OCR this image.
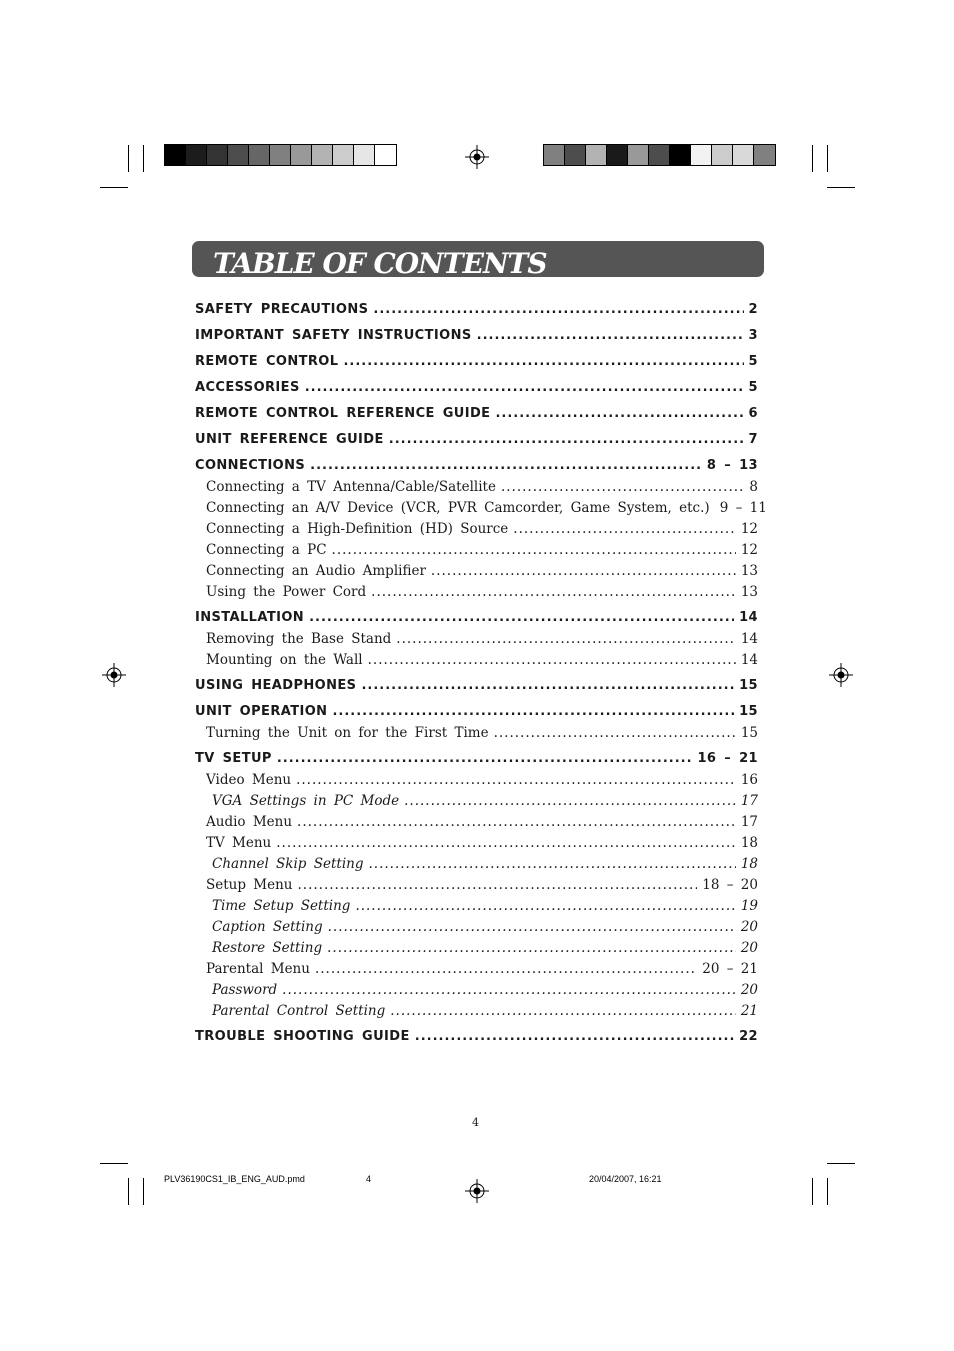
TABLE OF CONTENTS
SAFETY PRECAUTIONS .....	2
IMPORTANT SAFETY INSTRUCTIONS .....	3
REMOTE CONTROL .....	5
ACCESSORIES .....	5
REMOTE CONTROL REFERENCE GUIDE .....	6
UNIT REFERENCE GUIDE .....	7
CONNECTIONS .....	8 – 13
Connecting a TV Antenna/Cable/Satellite .....	8
Connecting an A/V Device (VCR, PVR Camcorder, Game System, etc.) 9 – 11
Connecting a High-Definition (HD) Source .....	12
Connecting a PC .....	12
Connecting an Audio Amplifier .....	13
Using the Power Cord .....	13
INSTALLATION .....	14
Removing the Base Stand .....	14
Mounting on the Wall .....	14
USING HEADPHONES .....	15
UNIT OPERATION .....	15
Turning the Unit on for the First Time .....	15
TV SETUP .....	16 – 21
Video Menu .....	16
VGA Settings in PC Mode .....	17
Audio Menu .....	17
TV Menu .....	18
Channel Skip Setting .....	18
Setup Menu .....	18 – 20
Time Setup Setting .....	19
Caption Setting .....	20
Restore Setting .....	20
Parental Menu .....	20 – 21
Password .....	20
Parental Control Setting .....	21
TROUBLE SHOOTING GUIDE .....	22
4
PLV36190CS1_IB_ENG_AUD.pmd	4	20/04/2007, 16:21
